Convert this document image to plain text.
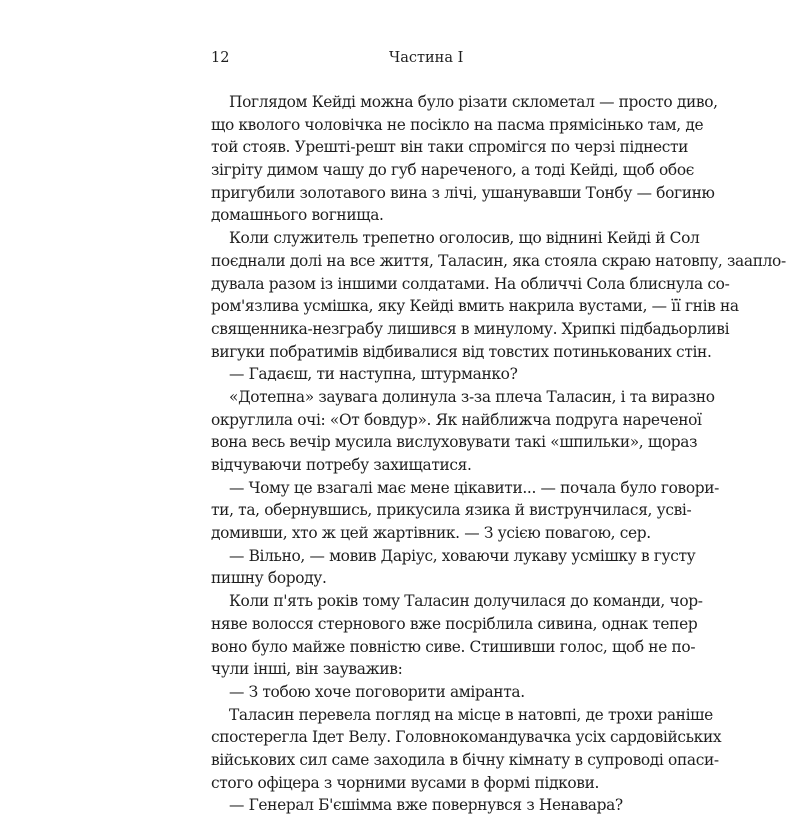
12	Частина I
Поглядом Кейді можна було різати склометал — просто диво,
що кволого чоловічка не посікло на пасма прямісінько там, де
той стояв. Урешті-решт він таки спромігся по черзі піднести
зігріту димом чашу до губ нареченого, а тоді Кейді, щоб обоє
пригубили золотавого вина з лічі, ушанувавши Тонбу — богиню
домашнього вогнища.
Коли служитель трепетно оголосив, що віднині Кейді й Сол
поєднали долі на все життя, Таласин, яка стояла скраю натовпу, заапло-
дувала разом із іншими солдатами. На обличчі Сола блиснула со-
ром'язлива усмішка, яку Кейді вмить накрила вустами, — її гнів на
священника-незграбу лишився в минулому. Хрипкі підбадьорливі
вигуки побратимів відбивалися від товстих потинькованих стін.
— Гадаєш, ти наступна, штурманко?
«Дотепна» заувага долинула з-за плеча Таласин, і та виразно
округлила очі: «От бовдур». Як найближча подруга нареченої
вона весь вечір мусила вислуховувати такі «шпильки», щораз
відчуваючи потребу захищатися.
— Чому це взагалі має мене цікавити... — почала було говори-
ти, та, обернувшись, прикусила язика й виструнчилася, усві-
домивши, хто ж цей жартівник. — З усією повагою, сер.
— Вільно, — мовив Даріус, ховаючи лукаву усмішку в густу
пишну бороду.
Коли п'ять років тому Таласин долучилася до команди, чор-
няве волосся стернового вже посріблила сивина, однак тепер
воно було майже повністю сиве. Стишивши голос, щоб не по-
чули інші, він зауважив:
— З тобою хоче поговорити амiранта.
Таласин перевела погляд на місце в натовпі, де трохи раніше
спостерегла Ідет Велу. Головнокомандувачка усіх сардовійських
військових сил саме заходила в бічну кімнату в супроводі опаси-
стого офіцера з чорними вусами в формі підкови.
— Генерал Б'єшімма вже повернувся з Ненавара?
